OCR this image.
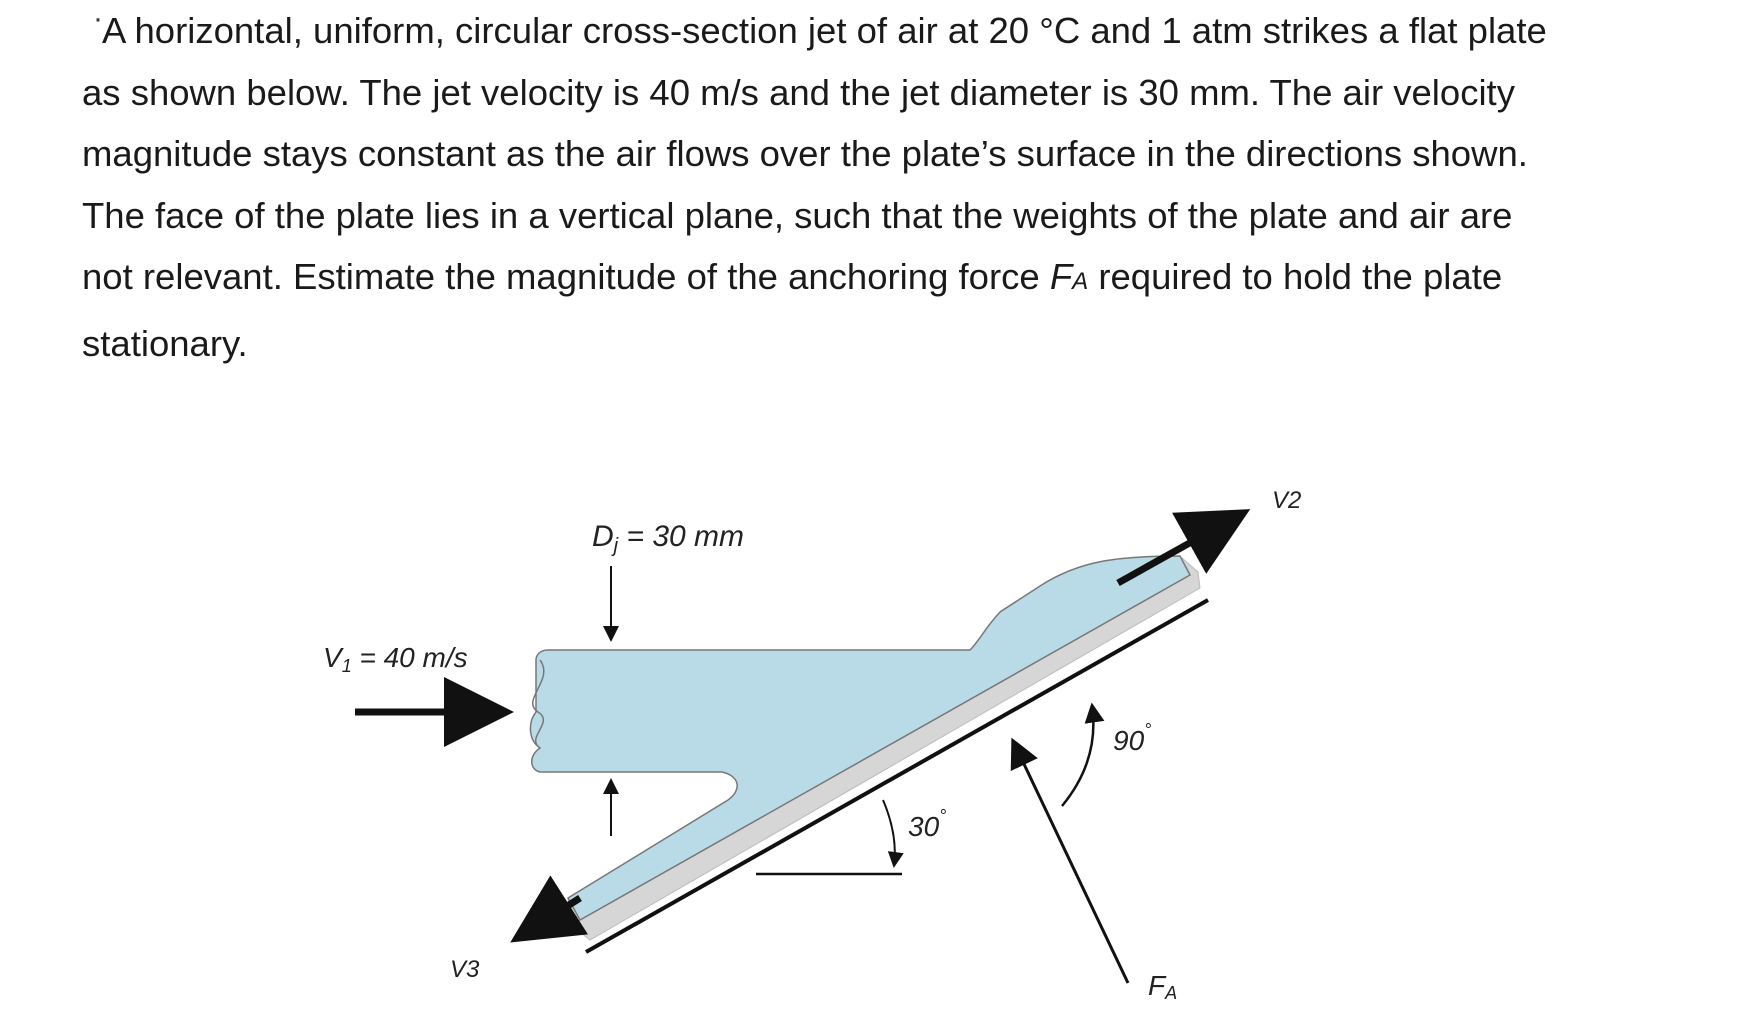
· A horizontal, uniform, circular cross-section jet of air at 20 °C and 1 atm strikes a flat plate
as shown below. The jet velocity is 40 m/s and the jet diameter is 30 mm. The air velocity
magnitude stays constant as the air flows over the plate’s surface in the directions shown.
The face of the plate lies in a vertical plane, such that the weights of the plate and air are
not relevant. Estimate the magnitude of the anchoring force FA required to hold the plate
stationary.
$D_j = 30$ mm
V1 = 40 m/s
V2
V3
30°
90°
FA
